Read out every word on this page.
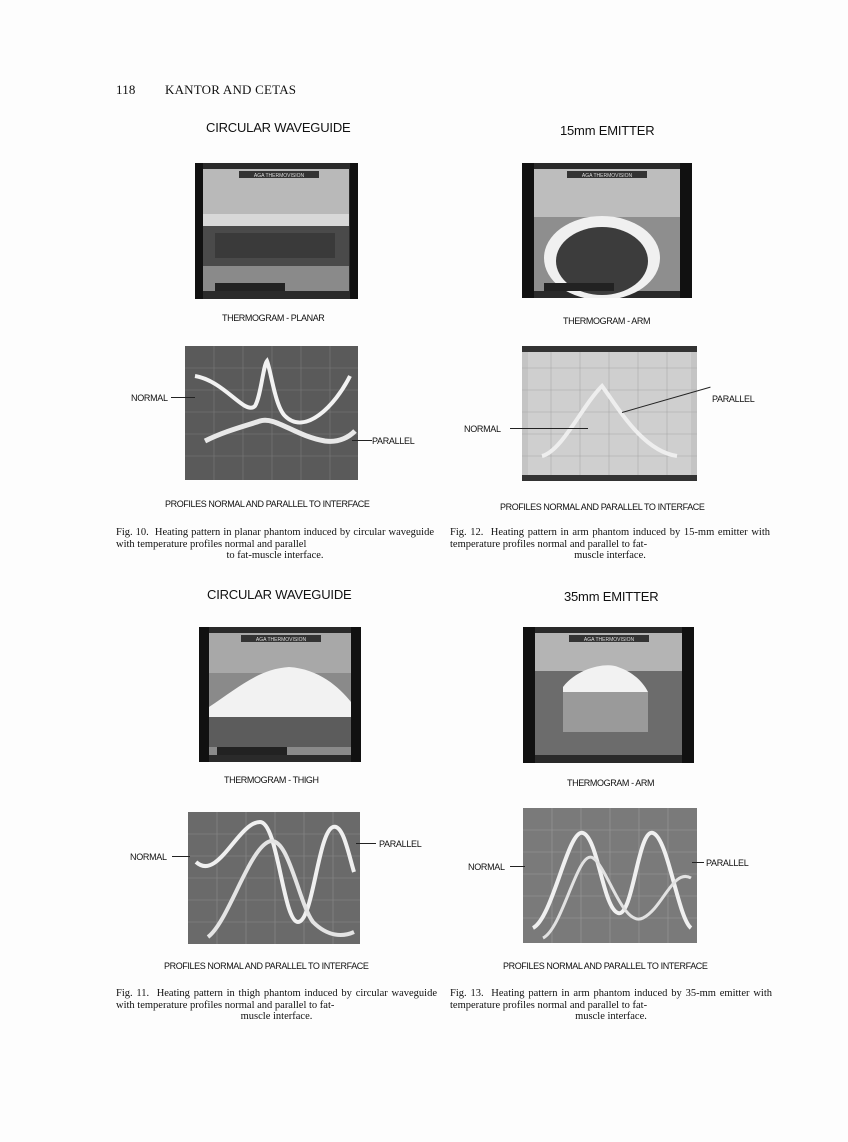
118 KANTOR AND CETAS
CIRCULAR WAVEGUIDE
AGA THERMOVISION
THERMOGRAM - PLANAR
NORMAL
PARALLEL
PROFILES NORMAL AND PARALLEL TO INTERFACE
Fig. 10. Heating pattern in planar phantom induced by circular waveguide with temperature profiles normal and parallel
to fat-muscle interface.
15mm EMITTER
AGA THERMOVISION
THERMOGRAM - ARM
NORMAL
PARALLEL
PROFILES NORMAL AND PARALLEL TO INTERFACE
Fig. 12. Heating pattern in arm phantom induced by 15-mm emitter with temperature profiles normal and parallel to fat-
muscle interface.
CIRCULAR WAVEGUIDE
AGA THERMOVISION
THERMOGRAM - THIGH
NORMAL
PARALLEL
PROFILES NORMAL AND PARALLEL TO INTERFACE
Fig. 11. Heating pattern in thigh phantom induced by circular waveguide with temperature profiles normal and parallel to fat-
muscle interface.
35mm EMITTER
AGA THERMOVISION
THERMOGRAM - ARM
NORMAL	PARALLEL
PROFILES NORMAL AND PARALLEL TO INTERFACE
Fig. 13. Heating pattern in arm phantom induced by 35-mm emitter with temperature profiles normal and parallel to fat-
muscle interface.
